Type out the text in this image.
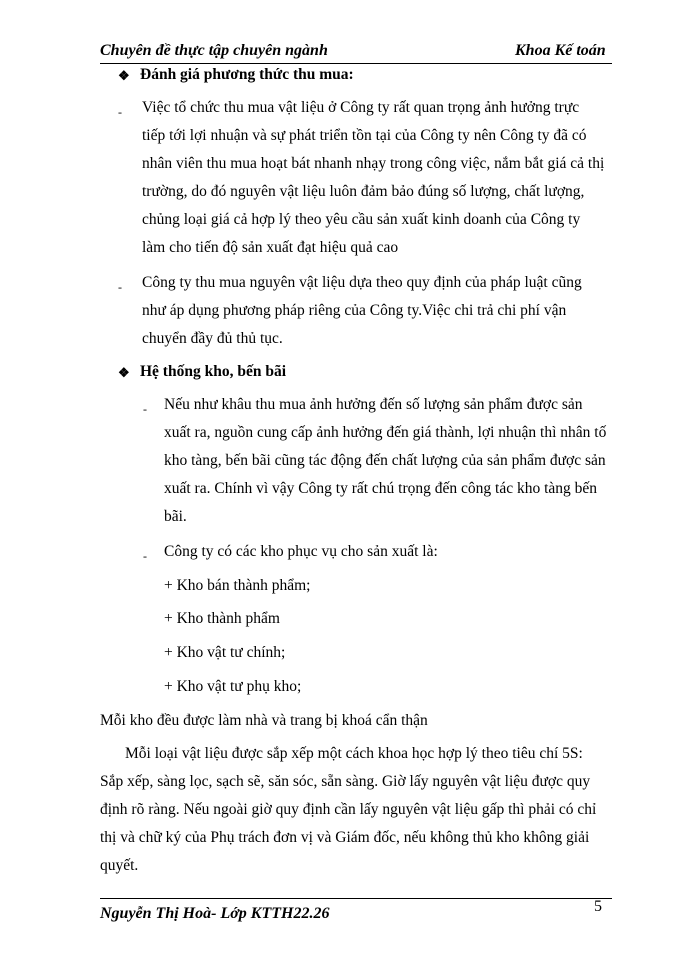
Chuyên đề thực tập chuyên ngành	Khoa Kế toán
❖ Đánh giá phương thức thu mua:
- Việc tổ chức thu mua vật liệu ở Công ty rất quan trọng ảnh hưởng trực
tiếp tới lợi nhuận và sự phát triển tồn tại của Công ty nên Công ty đã có
nhân viên thu mua hoạt bát nhanh nhạy trong công việc, nắm bắt giá cả thị
trường, do đó nguyên vật liệu luôn đảm bảo đúng số lượng, chất lượng,
chủng loại giá cả hợp lý theo yêu cầu sản xuất kinh doanh của Công ty
làm cho tiến độ sản xuất đạt hiệu quả cao
- Công ty thu mua nguyên vật liệu dựa theo quy định của pháp luật cũng
như áp dụng phương pháp riêng của Công ty.Việc chi trả chi phí vận
chuyển đầy đủ thủ tục.
❖ Hệ thống kho, bến bãi
- Nếu như khâu thu mua ảnh hưởng đến số lượng sản phẩm được sản
xuất ra, nguồn cung cấp ảnh hưởng đến giá thành, lợi nhuận thì nhân tố
kho tàng, bến bãi cũng tác động đến chất lượng của sản phẩm được sản
xuất ra. Chính vì vậy Công ty rất chú trọng đến công tác kho tàng bến
bãi.
- Công ty có các kho phục vụ cho sản xuất là:
+ Kho bán thành phẩm;
+ Kho thành phẩm
+ Kho vật tư chính;
+ Kho vật tư phụ kho;
Mỗi kho đều được làm nhà và trang bị khoá cẩn thận
Mỗi loại vật liệu được sắp xếp một cách khoa học hợp lý theo tiêu chí 5S:
Sắp xếp, sàng lọc, sạch sẽ, săn sóc, sẵn sàng. Giờ lấy nguyên vật liệu được quy
định rõ ràng. Nếu ngoài giờ quy định cần lấy nguyên vật liệu gấp thì phải có chỉ
thị và chữ ký của Phụ trách đơn vị và Giám đốc, nếu không thủ kho không giải
quyết.
Nguyễn Thị Hoà- Lớp KTTH22.26	5
